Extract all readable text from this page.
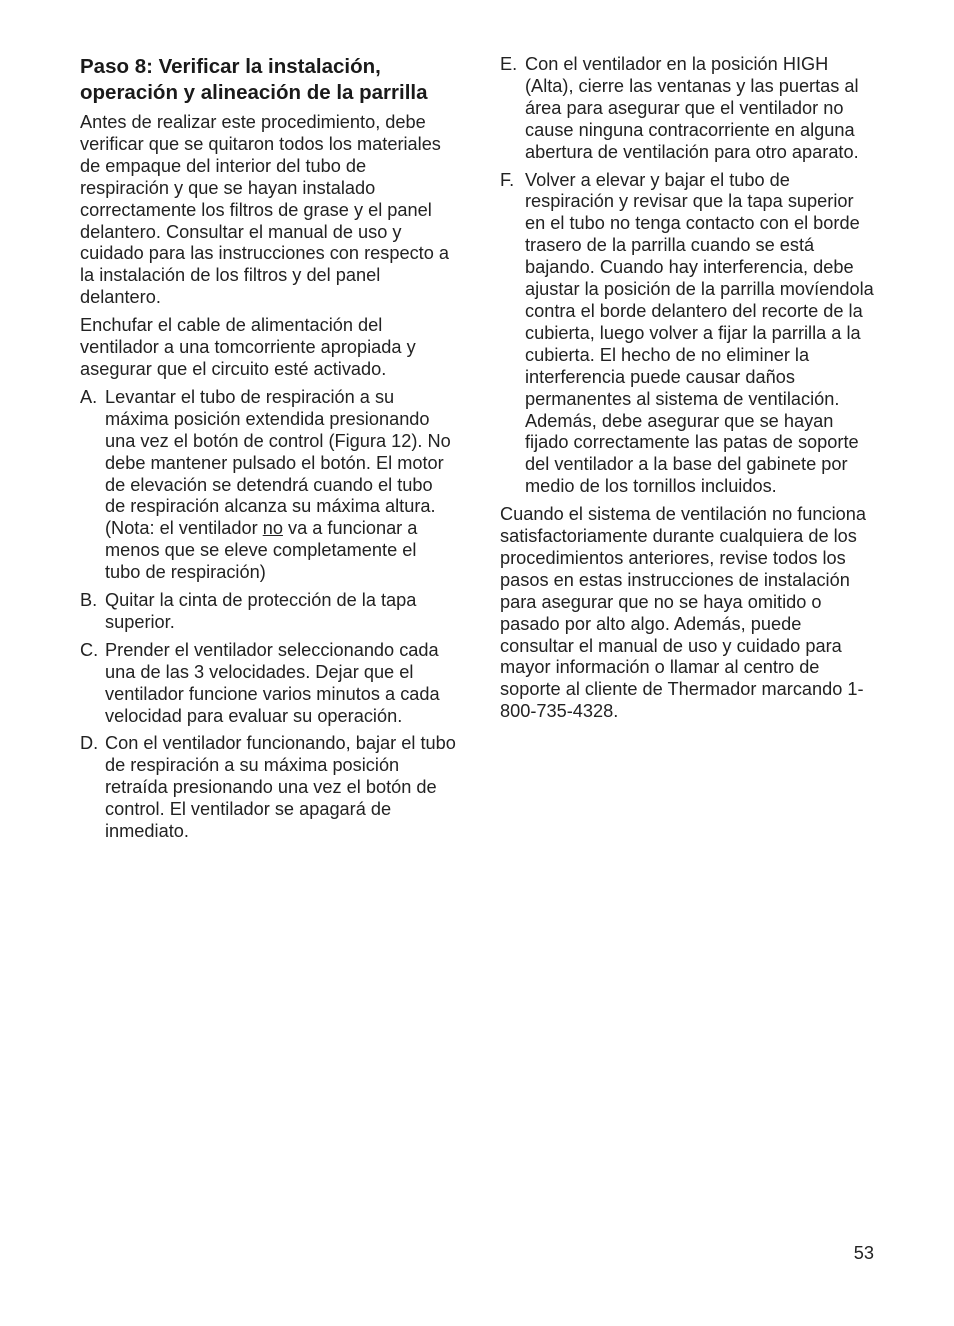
Paso 8: Verificar la instalación, operación y alineación de la parrilla

Antes de realizar este procedimiento, debe verificar que se quitaron todos los materiales de empaque del interior del tubo de respiración y que se hayan instalado correctamente los filtros de grase y el panel delantero. Consultar el manual de uso y cuidado para las instrucciones con respecto a la instalación de los filtros y del panel delantero.

Enchufar el cable de alimentación del ventilador a una tomcorriente apropiada y asegurar que el circuito esté activado.

A. Levantar el tubo de respiración a su máxima posición extendida presionando una vez el botón de control (Figura 12). No debe mantener pulsado el botón. El motor de elevación se detendrá cuando el tubo de respiración alcanza su máxima altura. (Nota: el ventilador no va a funcionar a menos que se eleve completamente el tubo de respiración)
B. Quitar la cinta de protección de la tapa superior.
C. Prender el ventilador seleccionando cada una de las 3 velocidades. Dejar que el ventilador funcione varios minutos a cada velocidad para evaluar su operación.
D. Con el ventilador funcionando, bajar el tubo de respiración a su máxima posición retraída presionando una vez el botón de control. El ventilador se apagará de inmediato.
E. Con el ventilador en la posición HIGH (Alta), cierre las ventanas y las puertas al área para asegurar que el ventilador no cause ninguna contracorriente en alguna abertura de ventilación para otro aparato.
F. Volver a elevar y bajar el tubo de respiración y revisar que la tapa superior en el tubo no tenga contacto con el borde trasero de la parrilla cuando se está bajando. Cuando hay interferencia, debe ajustar la posición de la parrilla movíendola contra el borde delantero del recorte de la cubierta, luego volver a fijar la parrilla a la cubierta. El hecho de no eliminer la interferencia puede causar daños permanentes al sistema de ventilación. Además, debe asegurar que se hayan fijado correctamente las patas de soporte del ventilador a la base del gabinete por medio de los tornillos incluidos.

Cuando el sistema de ventilación no funciona satisfactoriamente durante cualquiera de los procedimientos anteriores, revise todos los pasos en estas instrucciones de instalación para asegurar que no se haya omitido o pasado por alto algo. Además, puede consultar el manual de uso y cuidado para mayor información o llamar al centro de soporte al cliente de Thermador marcando 1-800-735-4328.

53
